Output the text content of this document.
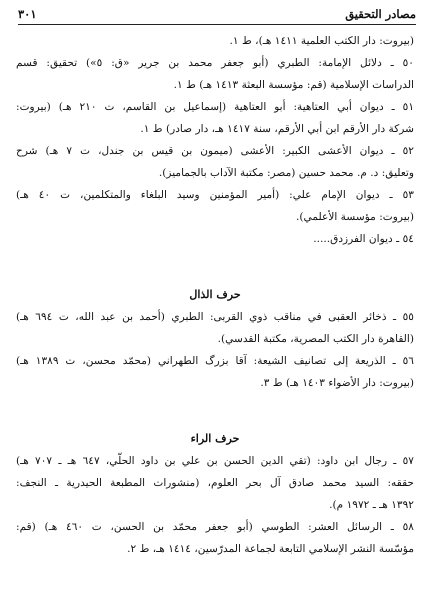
مصادر التحقيق
٣٠١
(بيروت: دار الكتب العلمية ١٤١١ هـ)، ط ١.
٥٠ ـ دلائل الإمامة: الطبري (أبو جعفر محمد بن جرير «ق: ٥») تحقيق: قسم
الدراسات الإسلامية (قم: مؤسسة البعثة ١٤١٣ هـ) ط ١.
٥١ ـ ديوان أبي العتاهية: أبو العتاهية (إسماعيل بن القاسم، ت ٢١٠ هـ) (بيروت:
شركة دار الأرقم ابن أبي الأرقم، سنة ١٤١٧ هـ، دار صادر) ط ١.
٥٢ ـ ديوان الأعشى الكبير: الأعشى (ميمون بن قيس بن جندل، ت ٧ هـ) شرح
وتعليق: د. م. محمد حسين (مصر: مكتبة الآداب بالجماميز).
٥٣ ـ ديوان الإمام علي: (أمير المؤمنين وسيد البلغاء والمتكلمين، ت ٤٠ هـ)
(بيروت: مؤسسة الأعلمي).
٥٤ ـ ديوان الفرزدق.....
حرف الذال
٥٥ ـ ذخائر العقبى في مناقب ذوي القربى: الطبري (أحمد بن عبد الله، ت ٦٩٤ هـ)
(القاهرة دار الكتب المصرية، مكتبة القدسي).
٥٦ ـ الذريعة إلى تصانيف الشيعة: آقا بزرگ الطهراني (محمّد محسن، ت ١٣٨٩ هـ)
(بيروت: دار الأضواء ١٤٠٣ هـ) ط ٣.
حرف الراء
٥٧ ـ رجال ابن داود: (تقي الدين الحسن بن علي بن داود الحلّي، ٦٤٧ هـ ـ ٧٠٧ هـ)
حققه: السيد محمد صادق آل بحر العلوم، (منشورات المطبعة الحيدرية ـ النجف:
١٣٩٢ هـ ـ ١٩٧٢ م).
٥٨ ـ الرسائل العشر: الطوسي (أبو جعفر محمّد بن الحسن، ت ٤٦٠ هـ) (قم:
مؤسّسة النشر الإسلامي التابعة لجماعة المدرّسين، ١٤١٤ هـ، ط ٢.
